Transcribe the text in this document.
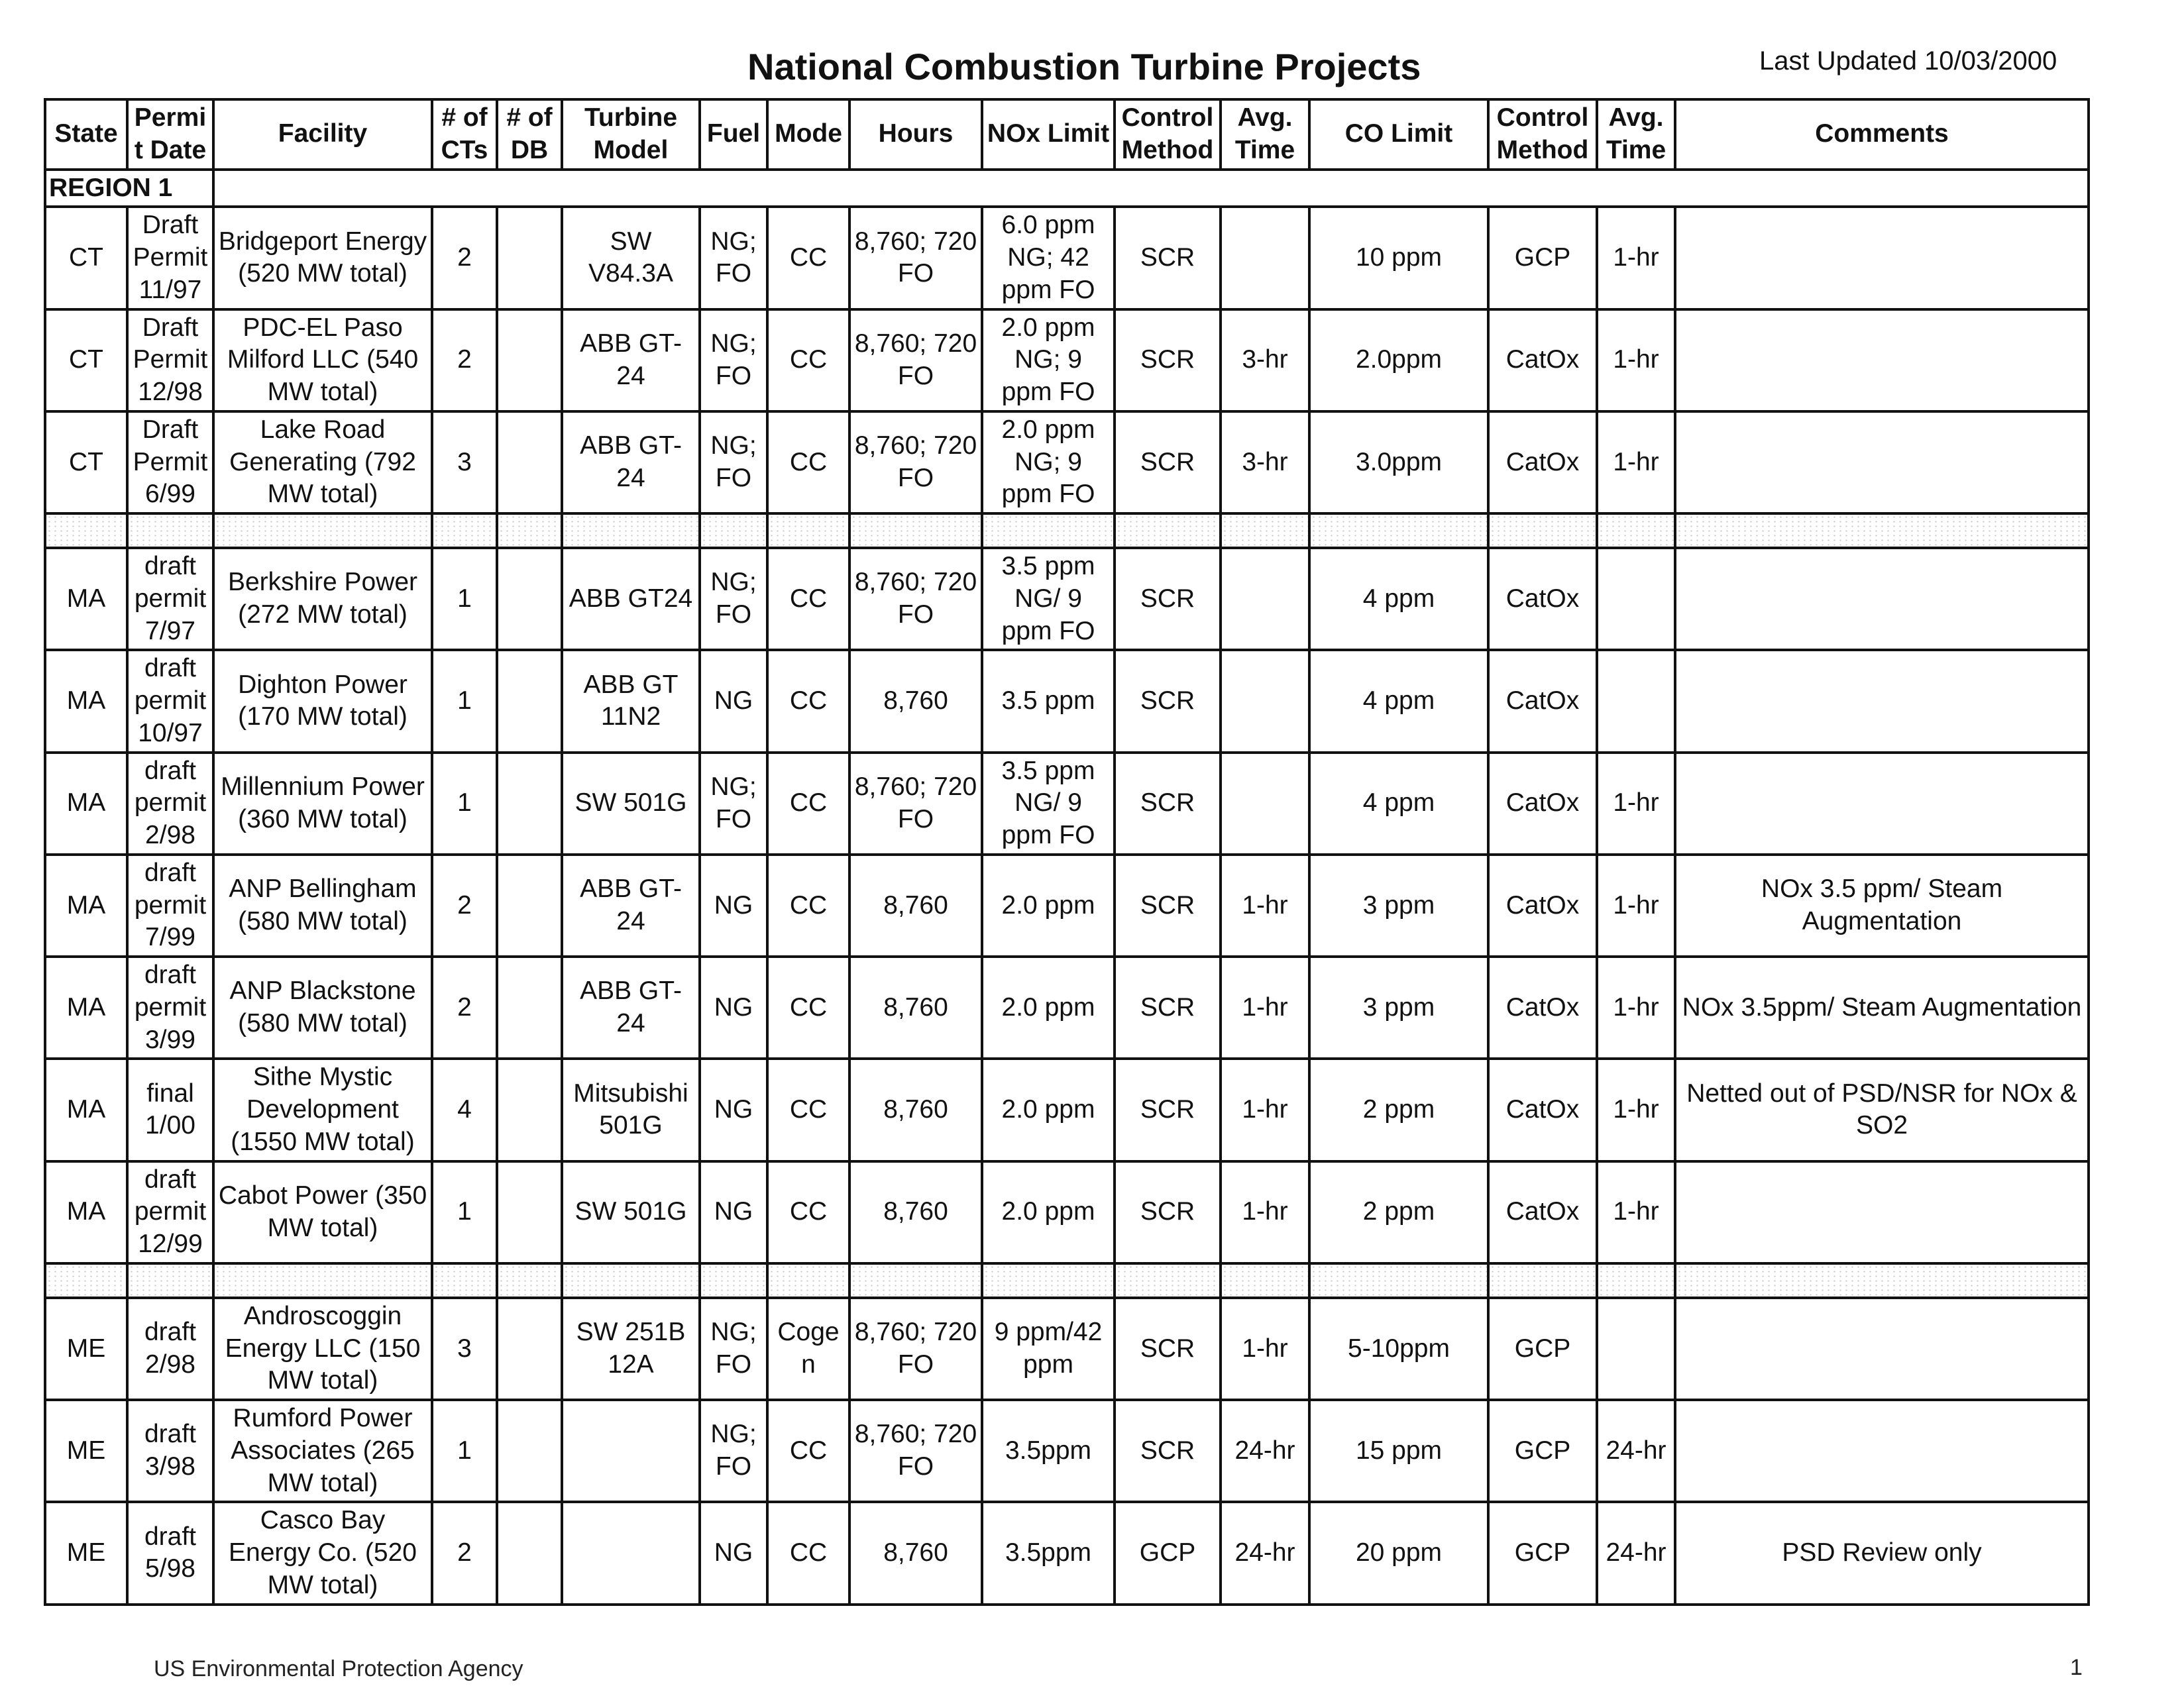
National Combustion Turbine Projects	Last Updated 10/03/2000
State	Permit Date	Facility	# of CTs	# of DB	Turbine Model	Fuel	Mode	Hours	NOx Limit	Control Method	Avg. Time	CO Limit	Control Method	Avg. Time	Comments
REGION 1															
CT	Draft Permit 11/97	Bridgeport Energy (520 MW total)	2		SW V84.3A	NG; FO	CC	8,760; 720 FO	6.0 ppm NG; 42 ppm FO	SCR		10 ppm	GCP	1-hr	
CT	Draft Permit 12/98	PDC-EL Paso Milford LLC (540 MW total)	2		ABB GT-24	NG; FO	CC	8,760; 720 FO	2.0 ppm NG; 9 ppm FO	SCR	3-hr	2.0ppm	CatOx	1-hr	
CT	Draft Permit 6/99	Lake Road Generating (792 MW total)	3		ABB GT-24	NG; FO	CC	8,760; 720 FO	2.0 ppm NG; 9 ppm FO	SCR	3-hr	3.0ppm	CatOx	1-hr	

MA	draft permit 7/97	Berkshire Power (272 MW total)	1		ABB GT24	NG; FO	CC	8,760; 720 FO	3.5 ppm NG/ 9 ppm FO	SCR		4 ppm	CatOx		
MA	draft permit 10/97	Dighton Power (170 MW total)	1		ABB GT 11N2	NG	CC	8,760	3.5 ppm	SCR		4 ppm	CatOx		
MA	draft permit 2/98	Millennium Power (360 MW total)	1		SW 501G	NG; FO	CC	8,760; 720 FO	3.5 ppm NG/ 9 ppm FO	SCR		4 ppm	CatOx	1-hr	
MA	draft permit 7/99	ANP Bellingham (580 MW total)	2		ABB GT-24	NG	CC	8,760	2.0 ppm	SCR	1-hr	3 ppm	CatOx	1-hr	NOx 3.5 ppm/ Steam Augmentation
MA	draft permit 3/99	ANP Blackstone (580 MW total)	2		ABB GT-24	NG	CC	8,760	2.0 ppm	SCR	1-hr	3 ppm	CatOx	1-hr	NOx 3.5ppm/ Steam Augmentation
MA	final 1/00	Sithe Mystic Development (1550 MW total)	4		Mitsubishi 501G	NG	CC	8,760	2.0 ppm	SCR	1-hr	2 ppm	CatOx	1-hr	Netted out of PSD/NSR for NOx & SO2
MA	draft permit 12/99	Cabot Power (350 MW total)	1		SW 501G	NG	CC	8,760	2.0 ppm	SCR	1-hr	2 ppm	CatOx	1-hr	

ME	draft 2/98	Androscoggin Energy LLC (150 MW total)	3		SW 251B 12A	NG; FO	Cogen	8,760; 720 FO	9 ppm/42 ppm	SCR	1-hr	5-10ppm	GCP		
ME	draft 3/98	Rumford Power Associates (265 MW total)	1			NG; FO	CC	8,760; 720 FO	3.5ppm	SCR	24-hr	15 ppm	GCP	24-hr	
ME	draft 5/98	Casco Bay Energy Co. (520 MW total)	2			NG	CC	8,760	3.5ppm	GCP	24-hr	20 ppm	GCP	24-hr	PSD Review only
US Environmental Protection Agency	1
